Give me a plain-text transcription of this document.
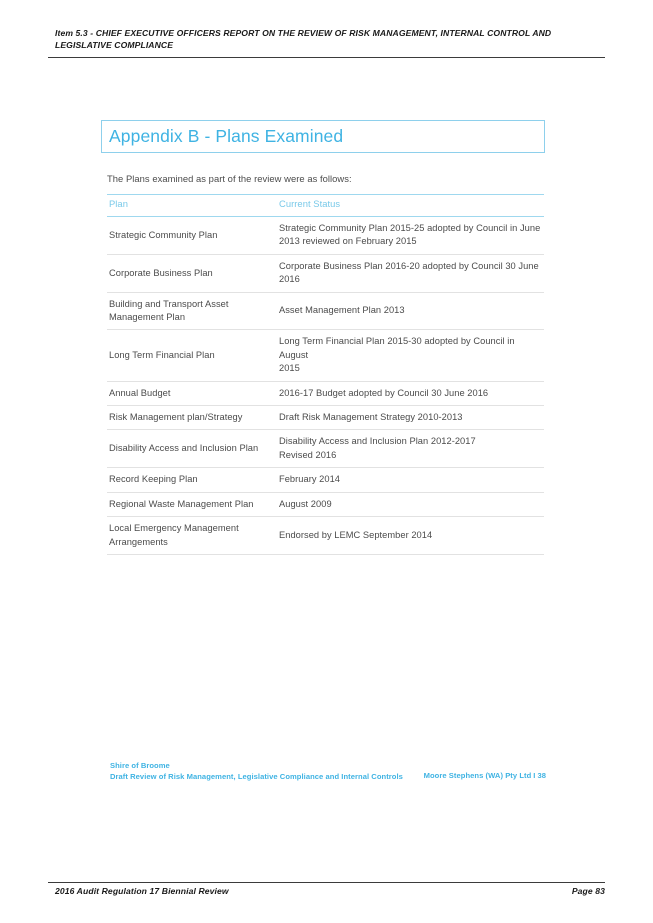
Item 5.3 - CHIEF EXECUTIVE OFFICERS REPORT ON THE REVIEW OF RISK MANAGEMENT, INTERNAL CONTROL AND
LEGISLATIVE COMPLIANCE
Appendix B - Plans Examined
The Plans examined as part of the review were as follows:
Plan	Current Status

Strategic Community Plan	Strategic Community Plan 2015-25 adopted by Council in June
2013 reviewed on February 2015

Corporate Business Plan	Corporate Business Plan 2016-20 adopted by Council 30 June
2016

Building and Transport Asset
Management Plan	Asset Management Plan 2013

Long Term Financial Plan	Long Term Financial Plan 2015-30 adopted by Council in August
2015

Annual Budget	2016-17 Budget adopted by Council 30 June 2016

Risk Management plan/Strategy	Draft Risk Management Strategy 2010-2013

Disability Access and Inclusion Plan	Disability Access and Inclusion Plan 2012-2017
Revised 2016

Record Keeping Plan	February 2014

Regional Waste Management Plan	August 2009

Local Emergency Management
Arrangements	Endorsed by LEMC September 2014
Shire of Broome
Draft Review of Risk Management, Legislative Compliance and Internal Controls	Moore Stephens (WA) Pty Ltd I 38
2016 Audit Regulation 17 Biennial Review	Page 83
